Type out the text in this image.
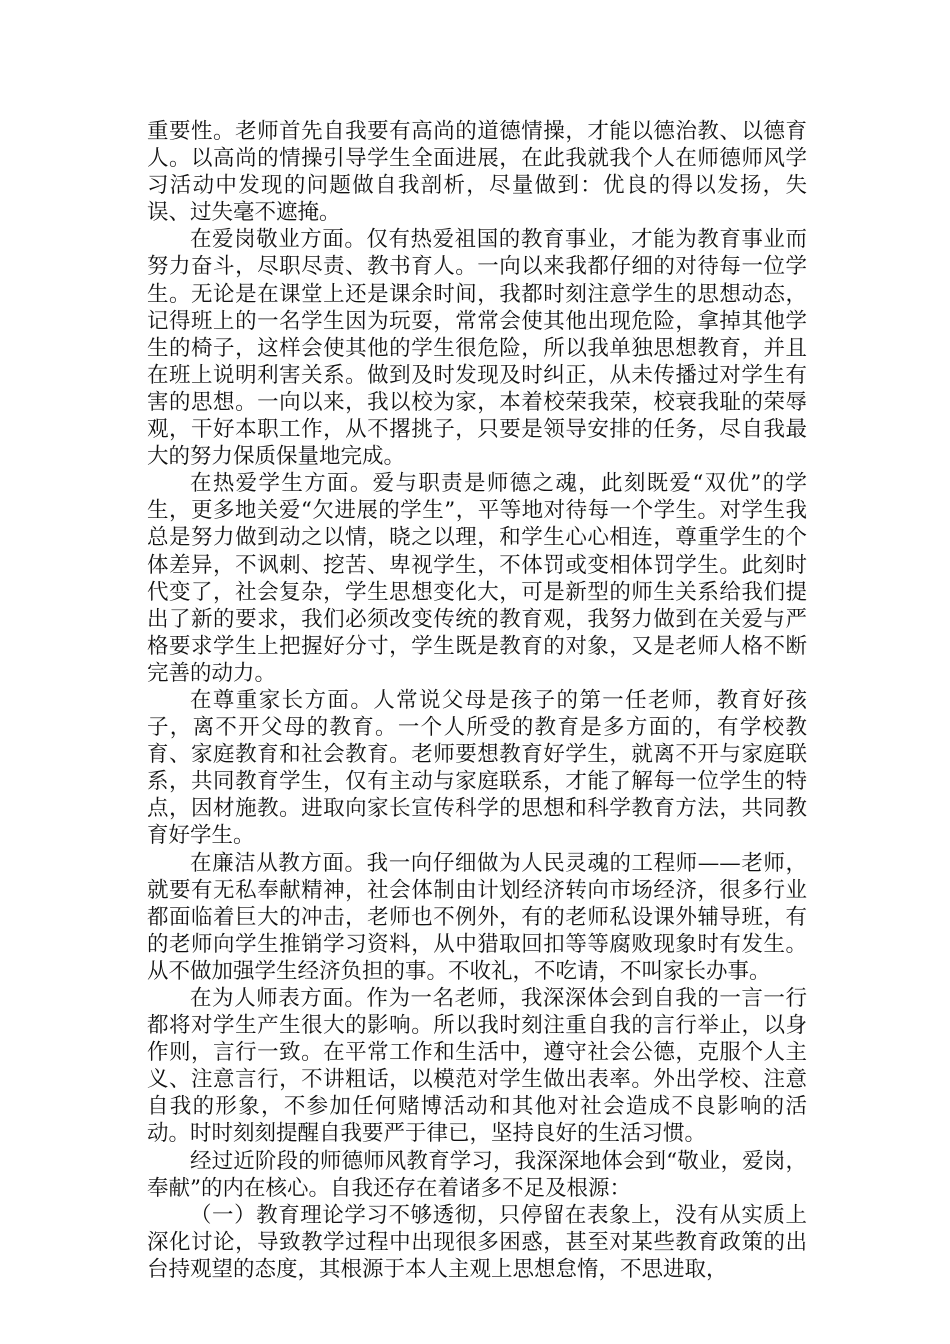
重要性。老师首先自我要有高尚的道德情操，才能以德治教、以德育人。以高尚的情操引导学生全面进展，在此我就我个人在师德师风学习活动中发现的问题做自我剖析，尽量做到：优良的得以发扬，失误、过失毫不遮掩。

在爱岗敬业方面。仅有热爱祖国的教育事业，才能为教育事业而努力奋斗，尽职尽责、教书育人。一向以来我都仔细的对待每一位学生。无论是在课堂上还是课余时间，我都时刻注意学生的思想动态，记得班上的一名学生因为玩耍，常常会使其他出现危险，拿掉其他学生的椅子，这样会使其他的学生很危险，所以我单独思想教育，并且在班上说明利害关系。做到及时发现及时纠正，从未传播过对学生有害的思想。一向以来，我以校为家，本着校荣我荣，校衰我耻的荣辱观，干好本职工作，从不撂挑子，只要是领导安排的任务，尽自我最大的努力保质保量地完成。

在热爱学生方面。爱与职责是师德之魂，此刻既爱“双优”的学生，更多地关爱“欠进展的学生”，平等地对待每一个学生。对学生我总是努力做到动之以情，晓之以理，和学生心心相连，尊重学生的个体差异，不讽刺、挖苦、卑视学生，不体罚或变相体罚学生。此刻时代变了，社会复杂，学生思想变化大，可是新型的师生关系给我们提出了新的要求，我们必须改变传统的教育观，我努力做到在关爱与严格要求学生上把握好分寸，学生既是教育的对象，又是老师人格不断完善的动力。

在尊重家长方面。人常说父母是孩子的第一任老师，教育好孩子，离不开父母的教育。一个人所受的教育是多方面的，有学校教育、家庭教育和社会教育。老师要想教育好学生，就离不开与家庭联系，共同教育学生，仅有主动与家庭联系，才能了解每一位学生的特点，因材施教。进取向家长宣传科学的思想和科学教育方法，共同教育好学生。

在廉洁从教方面。我一向仔细做为人民灵魂的工程师——老师，就要有无私奉献精神，社会体制由计划经济转向市场经济，很多行业都面临着巨大的冲击，老师也不例外，有的老师私设课外辅导班，有的老师向学生推销学习资料，从中猎取回扣等等腐败现象时有发生。从不做加强学生经济负担的事。不收礼，不吃请，不叫家长办事。

在为人师表方面。作为一名老师，我深深体会到自我的一言一行都将对学生产生很大的影响。所以我时刻注重自我的言行举止，以身作则，言行一致。在平常工作和生活中，遵守社会公德，克服个人主义、注意言行，不讲粗话，以模范对学生做出表率。外出学校、注意自我的形象，不参加任何赌博活动和其他对社会造成不良影响的活动。时时刻刻提醒自我要严于律已，坚持良好的生活习惯。

经过近阶段的师德师风教育学习，我深深地体会到“敬业，爱岗，奉献”的内在核心。自我还存在着诸多不足及根源：

（一）教育理论学习不够透彻，只停留在表象上，没有从实质上深化讨论，导致教学过程中出现很多困惑，甚至对某些教育政策的出台持观望的态度，其根源于本人主观上思想怠惰，不思进取，
